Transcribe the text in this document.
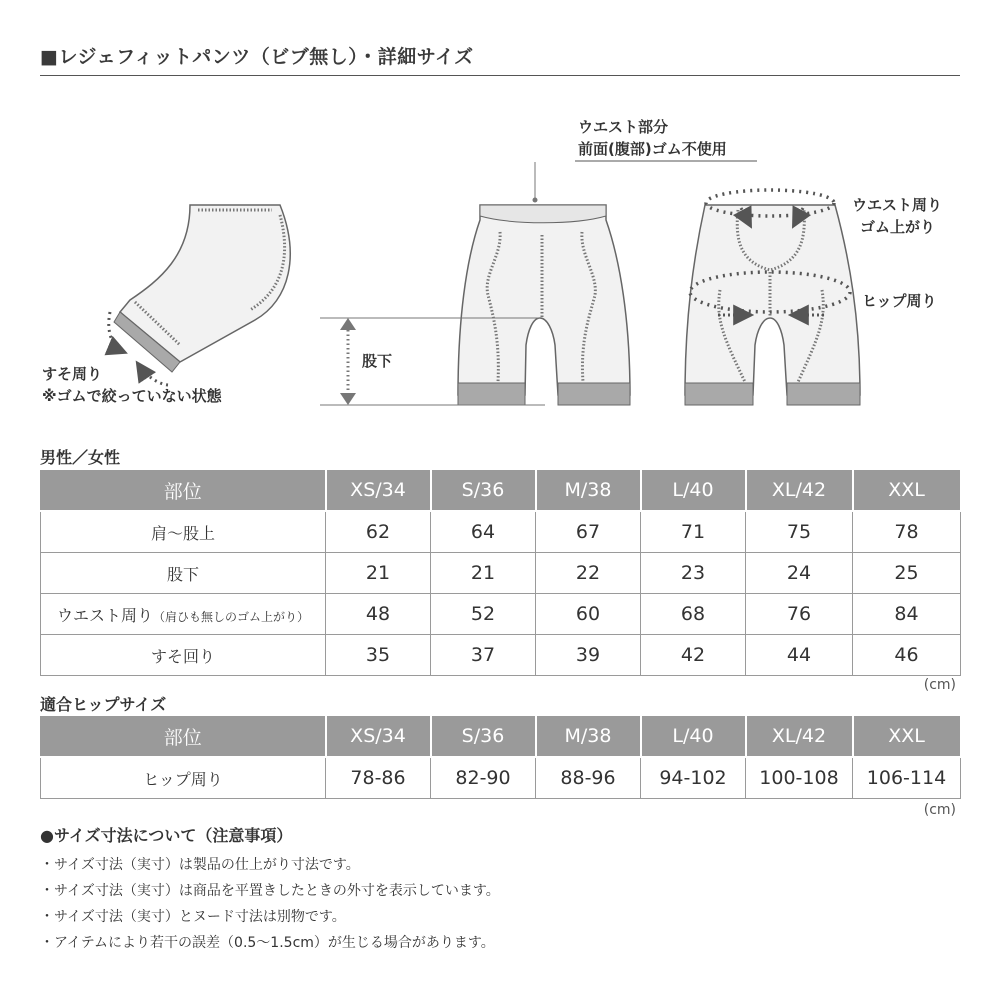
■レジェフィットパンツ（ビブ無し）・詳細サイズ
ウエスト部分
前面(腹部)ゴム不使用
股下
すそ周り
※ゴムで絞っていない状態
ウエスト周り
ゴム上がり
ヒップ周り
男性／女性
部位	XS/34	S/36	M/38	L/40	XL/42	XXL
肩〜股上	62	64	67	71	75	78
股下	21	21	22	23	24	25
ウエスト周り（肩ひも無しのゴム上がり）	48	52	60	68	76	84
すそ回り	35	37	39	42	44	46
(cm)
適合ヒップサイズ
部位	XS/34	S/36	M/38	L/40	XL/42	XXL
ヒップ周り	78-86	82-90	88-96	94-102	100-108	106-114
(cm)
●サイズ寸法について（注意事項）
・サイズ寸法（実寸）は製品の仕上がり寸法です。
・サイズ寸法（実寸）は商品を平置きしたときの外寸を表示しています。
・サイズ寸法（実寸）とヌード寸法は別物です。
・アイテムにより若干の誤差（0.5〜1.5cm）が生じる場合があります。
